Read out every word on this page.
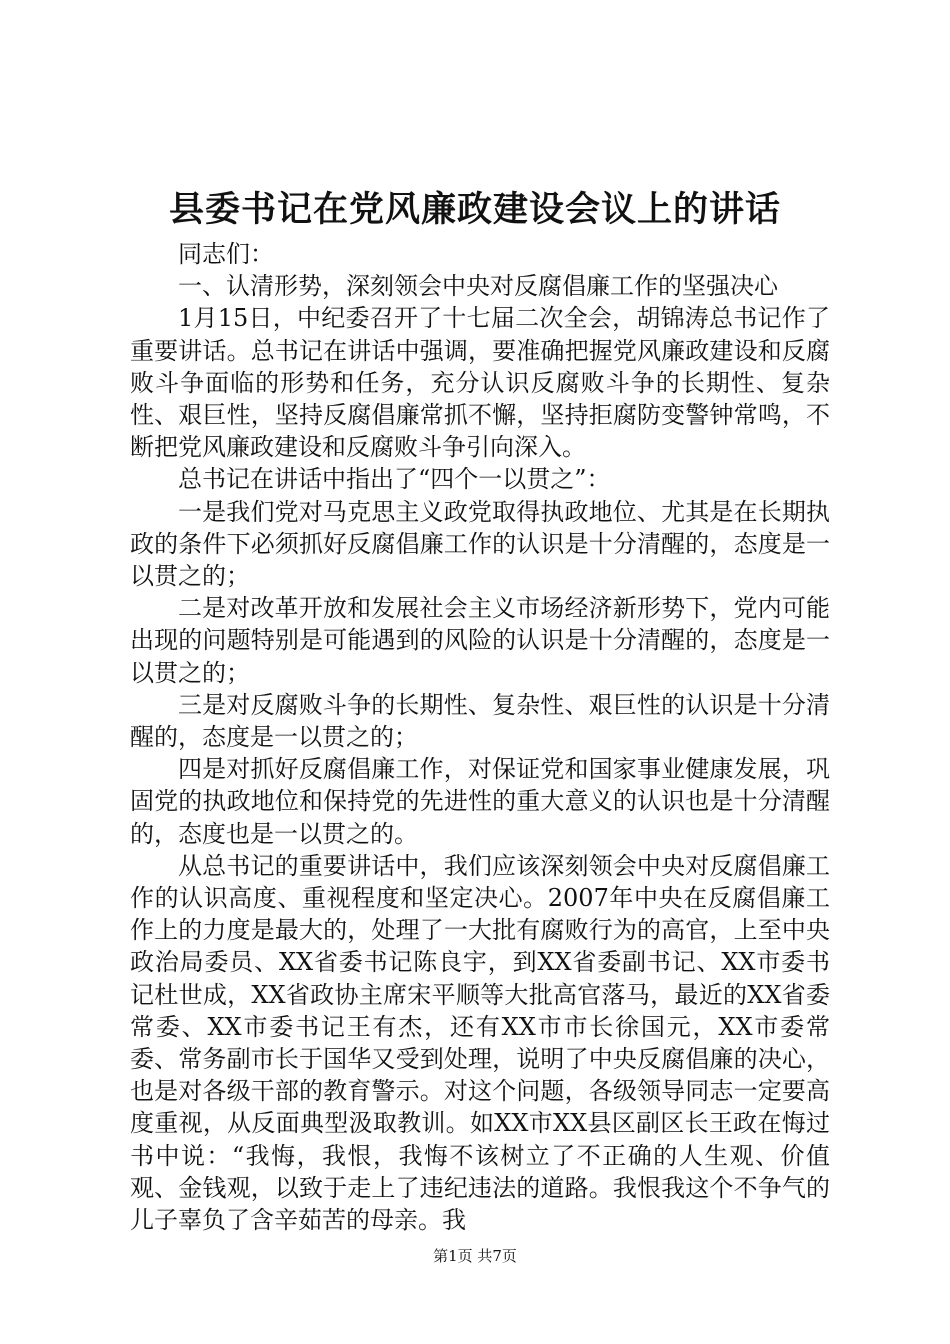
县委书记在党风廉政建设会议上的讲话

同志们：

一、认清形势，深刻领会中央对反腐倡廉工作的坚强决心

1月15日，中纪委召开了十七届二次全会，胡锦涛总书记作了重要讲话。总书记在讲话中强调，要准确把握党风廉政建设和反腐败斗争面临的形势和任务，充分认识反腐败斗争的长期性、复杂性、艰巨性，坚持反腐倡廉常抓不懈，坚持拒腐防变警钟常鸣，不断把党风廉政建设和反腐败斗争引向深入。

总书记在讲话中指出了“四个一以贯之”：

一是我们党对马克思主义政党取得执政地位、尤其是在长期执政的条件下必须抓好反腐倡廉工作的认识是十分清醒的，态度是一以贯之的；

二是对改革开放和发展社会主义市场经济新形势下，党内可能出现的问题特别是可能遇到的风险的认识是十分清醒的，态度是一以贯之的；

三是对反腐败斗争的长期性、复杂性、艰巨性的认识是十分清醒的，态度是一以贯之的；

四是对抓好反腐倡廉工作，对保证党和国家事业健康发展，巩固党的执政地位和保持党的先进性的重大意义的认识也是十分清醒的，态度也是一以贯之的。

从总书记的重要讲话中，我们应该深刻领会中央对反腐倡廉工作的认识高度、重视程度和坚定决心。2007年中央在反腐倡廉工作上的力度是最大的，处理了一大批有腐败行为的高官，上至中央政治局委员、XX省委书记陈良宇，到XX省委副书记、XX市委书记杜世成，XX省政协主席宋平顺等大批高官落马，最近的XX省委常委、XX市委书记王有杰，还有XX市市长徐国元，XX市委常委、常务副市长于国华又受到处理，说明了中央反腐倡廉的决心，也是对各级干部的教育警示。对这个问题，各级领导同志一定要高度重视，从反面典型汲取教训。如XX市XX县区副区长王政在悔过书中说：“我悔，我恨，我悔不该树立了不正确的人生观、价值观、金钱观，以致于走上了违纪违法的道路。我恨我这个不争气的儿子辜负了含辛茹苦的母亲。我

第1页 共7页
